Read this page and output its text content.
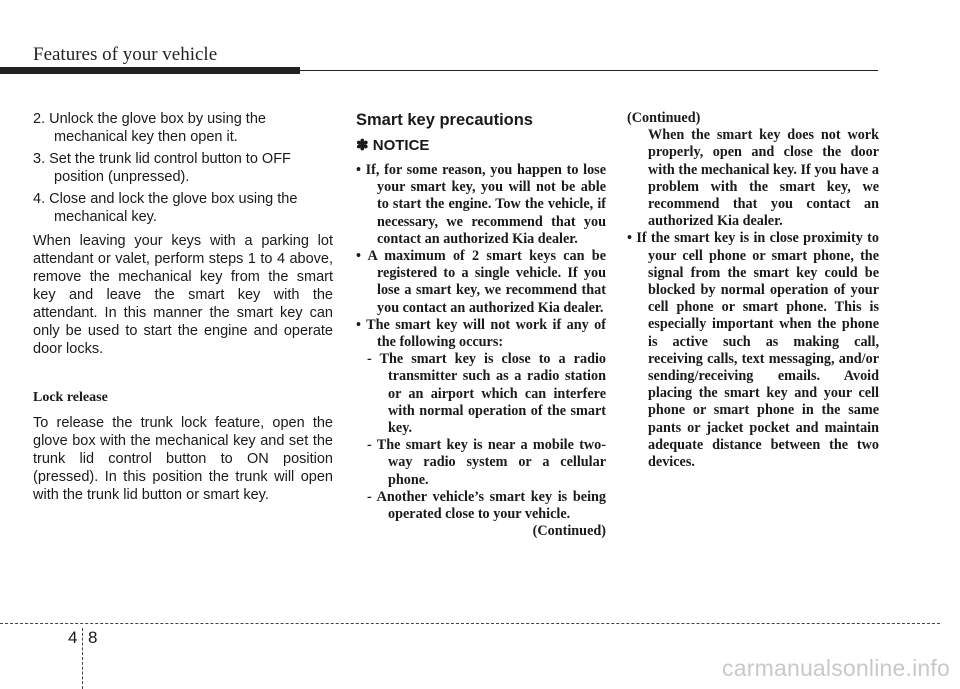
Features of your vehicle

2. Unlock the glove box by using the mechanical key then open it.

3. Set the trunk lid control button to OFF position (unpressed).

4. Close and lock the glove box using the mechanical key.

When leaving your keys with a parking lot attendant or valet, perform steps 1 to 4 above, remove the mechanical key from the smart key and leave the smart key with the attendant. In this manner the smart key can only be used to start the engine and operate door locks.

Lock release

To release the trunk lock feature, open the glove box with the mechanical key and set the trunk lid control button to ON position (pressed). In this position the trunk will open with the trunk lid button or smart key.

Smart key precautions
✽ NOTICE

• If, for some reason, you happen to lose your smart key, you will not be able to start the engine. Tow the vehicle, if necessary, we recommend that you contact an authorized Kia dealer.

• A maximum of 2 smart keys can be registered to a single vehicle. If you lose a smart key, we recommend that you contact an authorized Kia dealer.

• The smart key will not work if any of the following occurs:

- The smart key is close to a radio transmitter such as a radio station or an airport which can interfere with normal operation of the smart key.

- The smart key is near a mobile two-way radio system or a cellular phone.

- Another vehicle’s smart key is being operated close to your vehicle.

(Continued)

(Continued)

When the smart key does not work properly, open and close the door with the mechanical key. If you have a problem with the smart key, we recommend that you contact an authorized Kia dealer.

• If the smart key is in close proximity to your cell phone or smart phone, the signal from the smart key could be blocked by normal operation of your cell phone or smart phone. This is especially important when the phone is active such as making call, receiving calls, text messaging, and/or sending/receiving emails. Avoid placing the smart key and your cell phone or smart phone in the same pants or jacket pocket and maintain adequate distance between the two devices.

4 8
carmanualsonline.info
